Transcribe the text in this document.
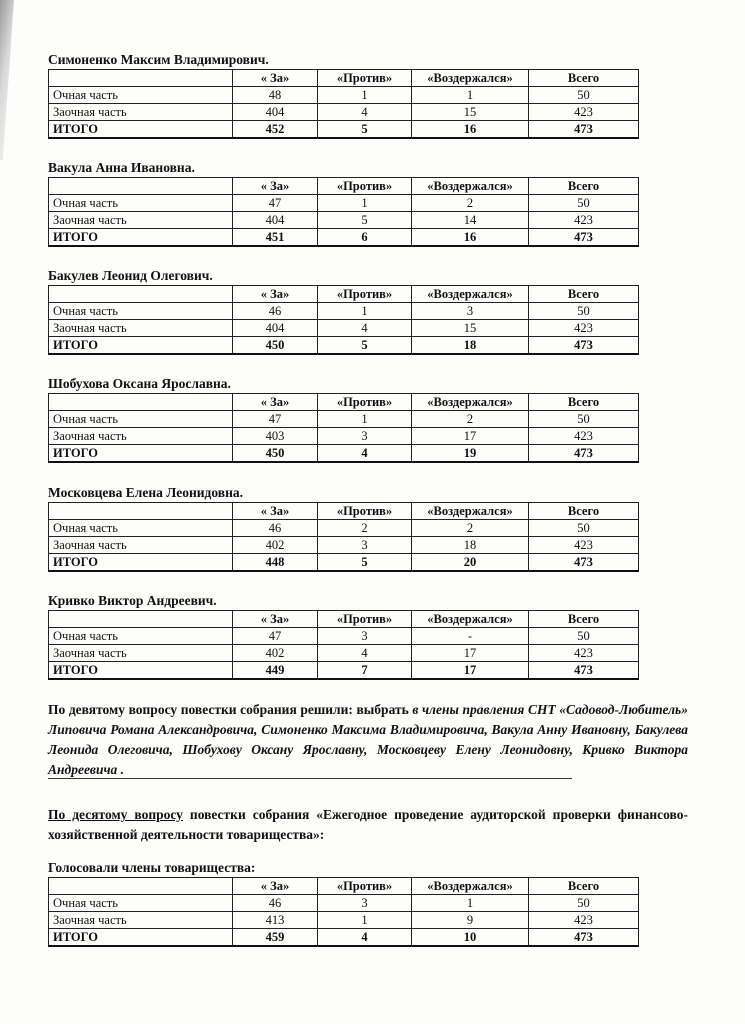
Симоненко Максим Владимирович.
	« За»	«Против»	«Воздержался»	Всего
Очная часть	48	1	1	50
Заочная часть	404	4	15	423
ИТОГО	452	5	16	473
Вакула Анна Ивановна.
	« За»	«Против»	«Воздержался»	Всего
Очная часть	47	1	2	50
Заочная часть	404	5	14	423
ИТОГО	451	6	16	473
Бакулев Леонид Олегович.
	« За»	«Против»	«Воздержался»	Всего
Очная часть	46	1	3	50
Заочная часть	404	4	15	423
ИТОГО	450	5	18	473
Шобухова Оксана Ярославна.
	« За»	«Против»	«Воздержался»	Всего
Очная часть	47	1	2	50
Заочная часть	403	3	17	423
ИТОГО	450	4	19	473
Московцева Елена Леонидовна.
	« За»	«Против»	«Воздержался»	Всего
Очная часть	46	2	2	50
Заочная часть	402	3	18	423
ИТОГО	448	5	20	473
Кривко Виктор Андреевич.
	« За»	«Против»	«Воздержался»	Всего
Очная часть	47	3	-	50
Заочная часть	402	4	17	423
ИТОГО	449	7	17	473
По девятому вопросу повестки собрания решили: выбрать в члены правления СНТ «Садовод-Любитель» Липовича Романа Александровича, Симоненко Максима Владимировича, Вакула Анну Ивановну, Бакулева Леонида Олеговича, Шобухову Оксану Ярославну, Московцеву Елену Леонидовну, Кривко Виктора Андреевича .
По десятому вопросу повестки собрания «Ежегодное проведение аудиторской проверки финансово-хозяйственной деятельности товарищества»:
Голосовали члены товарищества:
	« За»	«Против»	«Воздержался»	Всего
Очная часть	46	3	1	50
Заочная часть	413	1	9	423
ИТОГО	459	4	10	473
